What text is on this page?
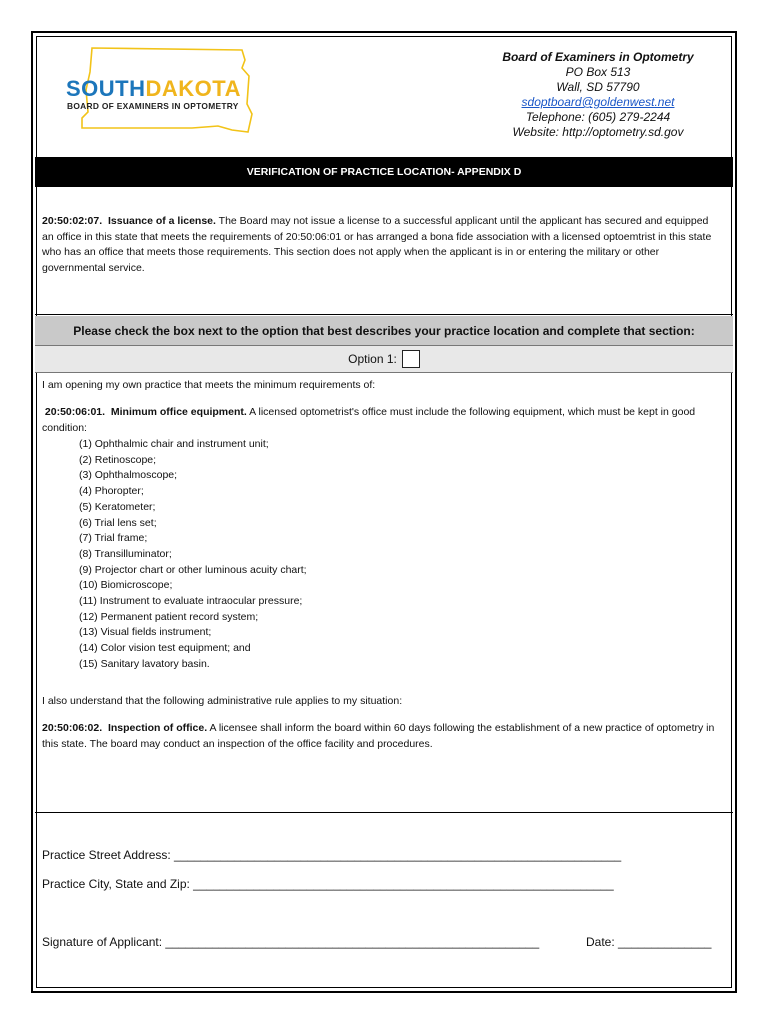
SOUTHDAKOTA
BOARD OF EXAMINERS IN OPTOMETRY
Board of Examiners in Optometry
PO Box 513
Wall, SD 57790
sdoptboard@goldenwest.net
Telephone: (605) 279-2244
Website: http://optometry.sd.gov
VERIFICATION OF PRACTICE LOCATION- APPENDIX D
20:50:02:07. Issuance of a license. The Board may not issue a license to a successful applicant until the applicant has secured and equipped an office in this state that meets the requirements of 20:50:06:01 or has arranged a bona fide association with a licensed optoemtrist in this state who has an office that meets those requirements. This section does not apply when the applicant is in or entering the military or other governmental service.
Please check the box next to the option that best describes your practice location and complete that section:
Option 1:
I am opening my own practice that meets the minimum requirements of:
20:50:06:01. Minimum office equipment. A licensed optometrist's office must include the following equipment, which must be kept in good condition:
(1) Ophthalmic chair and instrument unit;
(2) Retinoscope;
(3) Ophthalmoscope;
(4) Phoropter;
(5) Keratometer;
(6) Trial lens set;
(7) Trial frame;
(8) Transilluminator;
(9) Projector chart or other luminous acuity chart;
(10) Biomicroscope;
(11) Instrument to evaluate intraocular pressure;
(12) Permanent patient record system;
(13) Visual fields instrument;
(14) Color vision test equipment; and
(15) Sanitary lavatory basin.
I also understand that the following administrative rule applies to my situation:
20:50:06:02. Inspection of office. A licensee shall inform the board within 60 days following the establishment of a new practice of optometry in this state. The board may conduct an inspection of the office facility and procedures.
Practice Street Address: ___________________________________________________________________
Practice City, State and Zip: _______________________________________________________________
Signature of Applicant: ________________________________________________________	Date: ______________
